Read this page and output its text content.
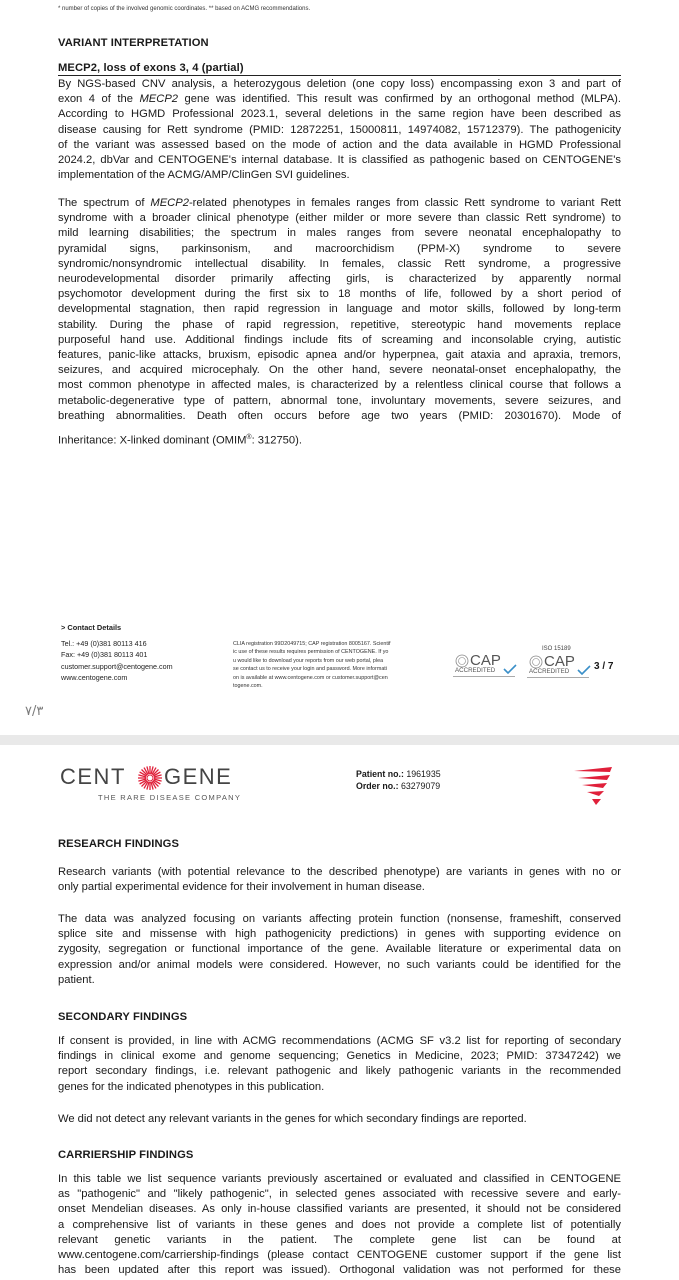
* number of copies of the involved genomic coordinates. ** based on ACMG recommendations.
VARIANT INTERPRETATION
MECP2, loss of exons 3, 4 (partial)
By NGS-based CNV analysis, a heterozygous deletion (one copy loss) encompassing exon 3 and part of
exon 4 of the MECP2 gene was identified. This result was confirmed by an orthogonal method (MLPA).
According to HGMD Professional 2023.1, several deletions in the same region have been described as
disease causing for Rett syndrome (PMID: 12872251, 15000811, 14974082, 15712379). The pathogenicity
of the variant was assessed based on the mode of action and the data available in HGMD Professional
2024.2, dbVar and CENTOGENE's internal database. It is classified as pathogenic based on CENTOGENE's
implementation of the ACMG/AMP/ClinGen SVI guidelines.
The spectrum of MECP2-related phenotypes in females ranges from classic Rett syndrome to variant Rett
syndrome with a broader clinical phenotype (either milder or more severe than classic Rett syndrome) to
mild learning disabilities; the spectrum in males ranges from severe neonatal encephalopathy to
pyramidal signs, parkinsonism, and macroorchidism (PPM-X) syndrome to severe
syndromic/nonsyndromic intellectual disability. In females, classic Rett syndrome, a progressive
neurodevelopmental disorder primarily affecting girls, is characterized by apparently normal
psychomotor development during the first six to 18 months of life, followed by a short period of
developmental stagnation, then rapid regression in language and motor skills, followed by long-term
stability. During the phase of rapid regression, repetitive, stereotypic hand movements replace
purposeful hand use. Additional findings include fits of screaming and inconsolable crying, autistic
features, panic-like attacks, bruxism, episodic apnea and/or hyperpnea, gait ataxia and apraxia, tremors,
seizures, and acquired microcephaly. On the other hand, severe neonatal-onset encephalopathy, the
most common phenotype in affected males, is characterized by a relentless clinical course that follows a
metabolic-degenerative type of pattern, abnormal tone, involuntary movements, severe seizures, and
breathing abnormalities. Death often occurs before age two years (PMID: 20301670). Mode of
Inheritance: X-linked dominant (OMIM®: 312750).
> Contact Details
Tel.: +49 (0)381 80113 416
Fax: +49 (0)381 80113 401
customer.support@centogene.com
www.centogene.com
CLIA registration 99D2049715; CAP registration 8005167. Scientif
ic use of these results requires permission of CENTOGENE. If yo
u would like to download your reports from our web portal, plea
se contact us to receive your login and password. More informati
on is available at www.centogene.com or customer.support@cen
togene.com.
CAP
ACCREDITED
ISO 15189
CAP
ACCREDITED 3 / 7
۷/۳
CENT GENE
THE RARE DISEASE COMPANY
Patient no.: 1961935
Order no.: 63279079
RESEARCH FINDINGS
Research variants (with potential relevance to the described phenotype) are variants in genes with no or
only partial experimental evidence for their involvement in human disease.
The data was analyzed focusing on variants affecting protein function (nonsense, frameshift, conserved
splice site and missense with high pathogenicity predictions) in genes with supporting evidence on
zygosity, segregation or functional importance of the gene. Available literature or experimental data on
expression and/or animal models were considered. However, no such variants could be identified for the
patient.
SECONDARY FINDINGS
If consent is provided, in line with ACMG recommendations (ACMG SF v3.2 list for reporting of secondary
findings in clinical exome and genome sequencing; Genetics in Medicine, 2023; PMID: 37347242) we
report secondary findings, i.e. relevant pathogenic and likely pathogenic variants in the recommended
genes for the indicated phenotypes in this publication.
We did not detect any relevant variants in the genes for which secondary findings are reported.
CARRIERSHIP FINDINGS
In this table we list sequence variants previously ascertained or evaluated and classified in CENTOGENE
as "pathogenic" and "likely pathogenic", in selected genes associated with recessive severe and early-
onset Mendelian diseases. As only in-house classified variants are presented, it should not be considered
a comprehensive list of variants in these genes and does not provide a complete list of potentially
relevant genetic variants in the patient. The complete gene list can be found at
www.centogene.com/carriership-findings (please contact CENTOGENE customer support if the gene list
has been updated after this report was issued). Orthogonal validation was not performed for these
